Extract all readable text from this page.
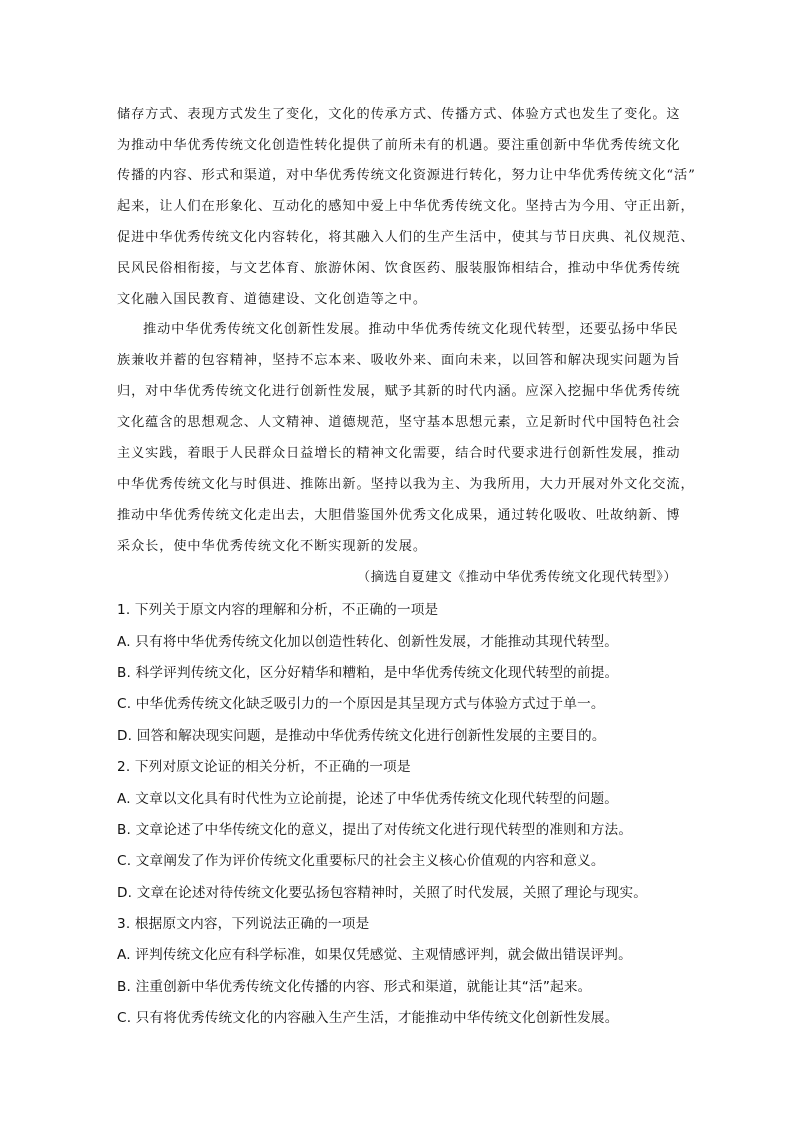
储存方式、表现方式发生了变化，文化的传承方式、传播方式、体验方式也发生了变化。这
为推动中华优秀传统文化创造性转化提供了前所未有的机遇。要注重创新中华优秀传统文化
传播的内容、形式和渠道，对中华优秀传统文化资源进行转化，努力让中华优秀传统文化“活”
起来，让人们在形象化、互动化的感知中爱上中华优秀传统文化。坚持古为今用、守正出新，
促进中华优秀传统文化内容转化，将其融入人们的生产生活中，使其与节日庆典、礼仪规范、
民风民俗相衔接，与文艺体育、旅游休闲、饮食医药、服装服饰相结合，推动中华优秀传统
文化融入国民教育、道德建设、文化创造等之中。
推动中华优秀传统文化创新性发展。推动中华优秀传统文化现代转型，还要弘扬中华民
族兼收并蓄的包容精神，坚持不忘本来、吸收外来、面向未来，以回答和解决现实问题为旨
归，对中华优秀传统文化进行创新性发展，赋予其新的时代内涵。应深入挖掘中华优秀传统
文化蕴含的思想观念、人文精神、道德规范，坚守基本思想元素，立足新时代中国特色社会
主义实践，着眼于人民群众日益增长的精神文化需要，结合时代要求进行创新性发展，推动
中华优秀传统文化与时俱进、推陈出新。坚持以我为主、为我所用，大力开展对外文化交流，
推动中华优秀传统文化走出去，大胆借鉴国外优秀文化成果，通过转化吸收、吐故纳新、博
采众长，使中华优秀传统文化不断实现新的发展。
（摘选自夏建文《推动中华优秀传统文化现代转型》）
1. 下列关于原文内容的理解和分析，不正确的一项是
A. 只有将中华优秀传统文化加以创造性转化、创新性发展，才能推动其现代转型。
B. 科学评判传统文化，区分好精华和糟粕，是中华优秀传统文化现代转型的前提。
C. 中华优秀传统文化缺乏吸引力的一个原因是其呈现方式与体验方式过于单一。
D. 回答和解决现实问题，是推动中华优秀传统文化进行创新性发展的主要目的。
2. 下列对原文论证的相关分析，不正确的一项是
A. 文章以文化具有时代性为立论前提，论述了中华优秀传统文化现代转型的问题。
B. 文章论述了中华传统文化的意义，提出了对传统文化进行现代转型的准则和方法。
C. 文章阐发了作为评价传统文化重要标尺的社会主义核心价值观的内容和意义。
D. 文章在论述对待传统文化要弘扬包容精神时，关照了时代发展，关照了理论与现实。
3. 根据原文内容，下列说法正确的一项是
A. 评判传统文化应有科学标准，如果仅凭感觉、主观情感评判，就会做出错误评判。
B. 注重创新中华优秀传统文化传播的内容、形式和渠道，就能让其“活”起来。
C. 只有将优秀传统文化的内容融入生产生活，才能推动中华传统文化创新性发展。
